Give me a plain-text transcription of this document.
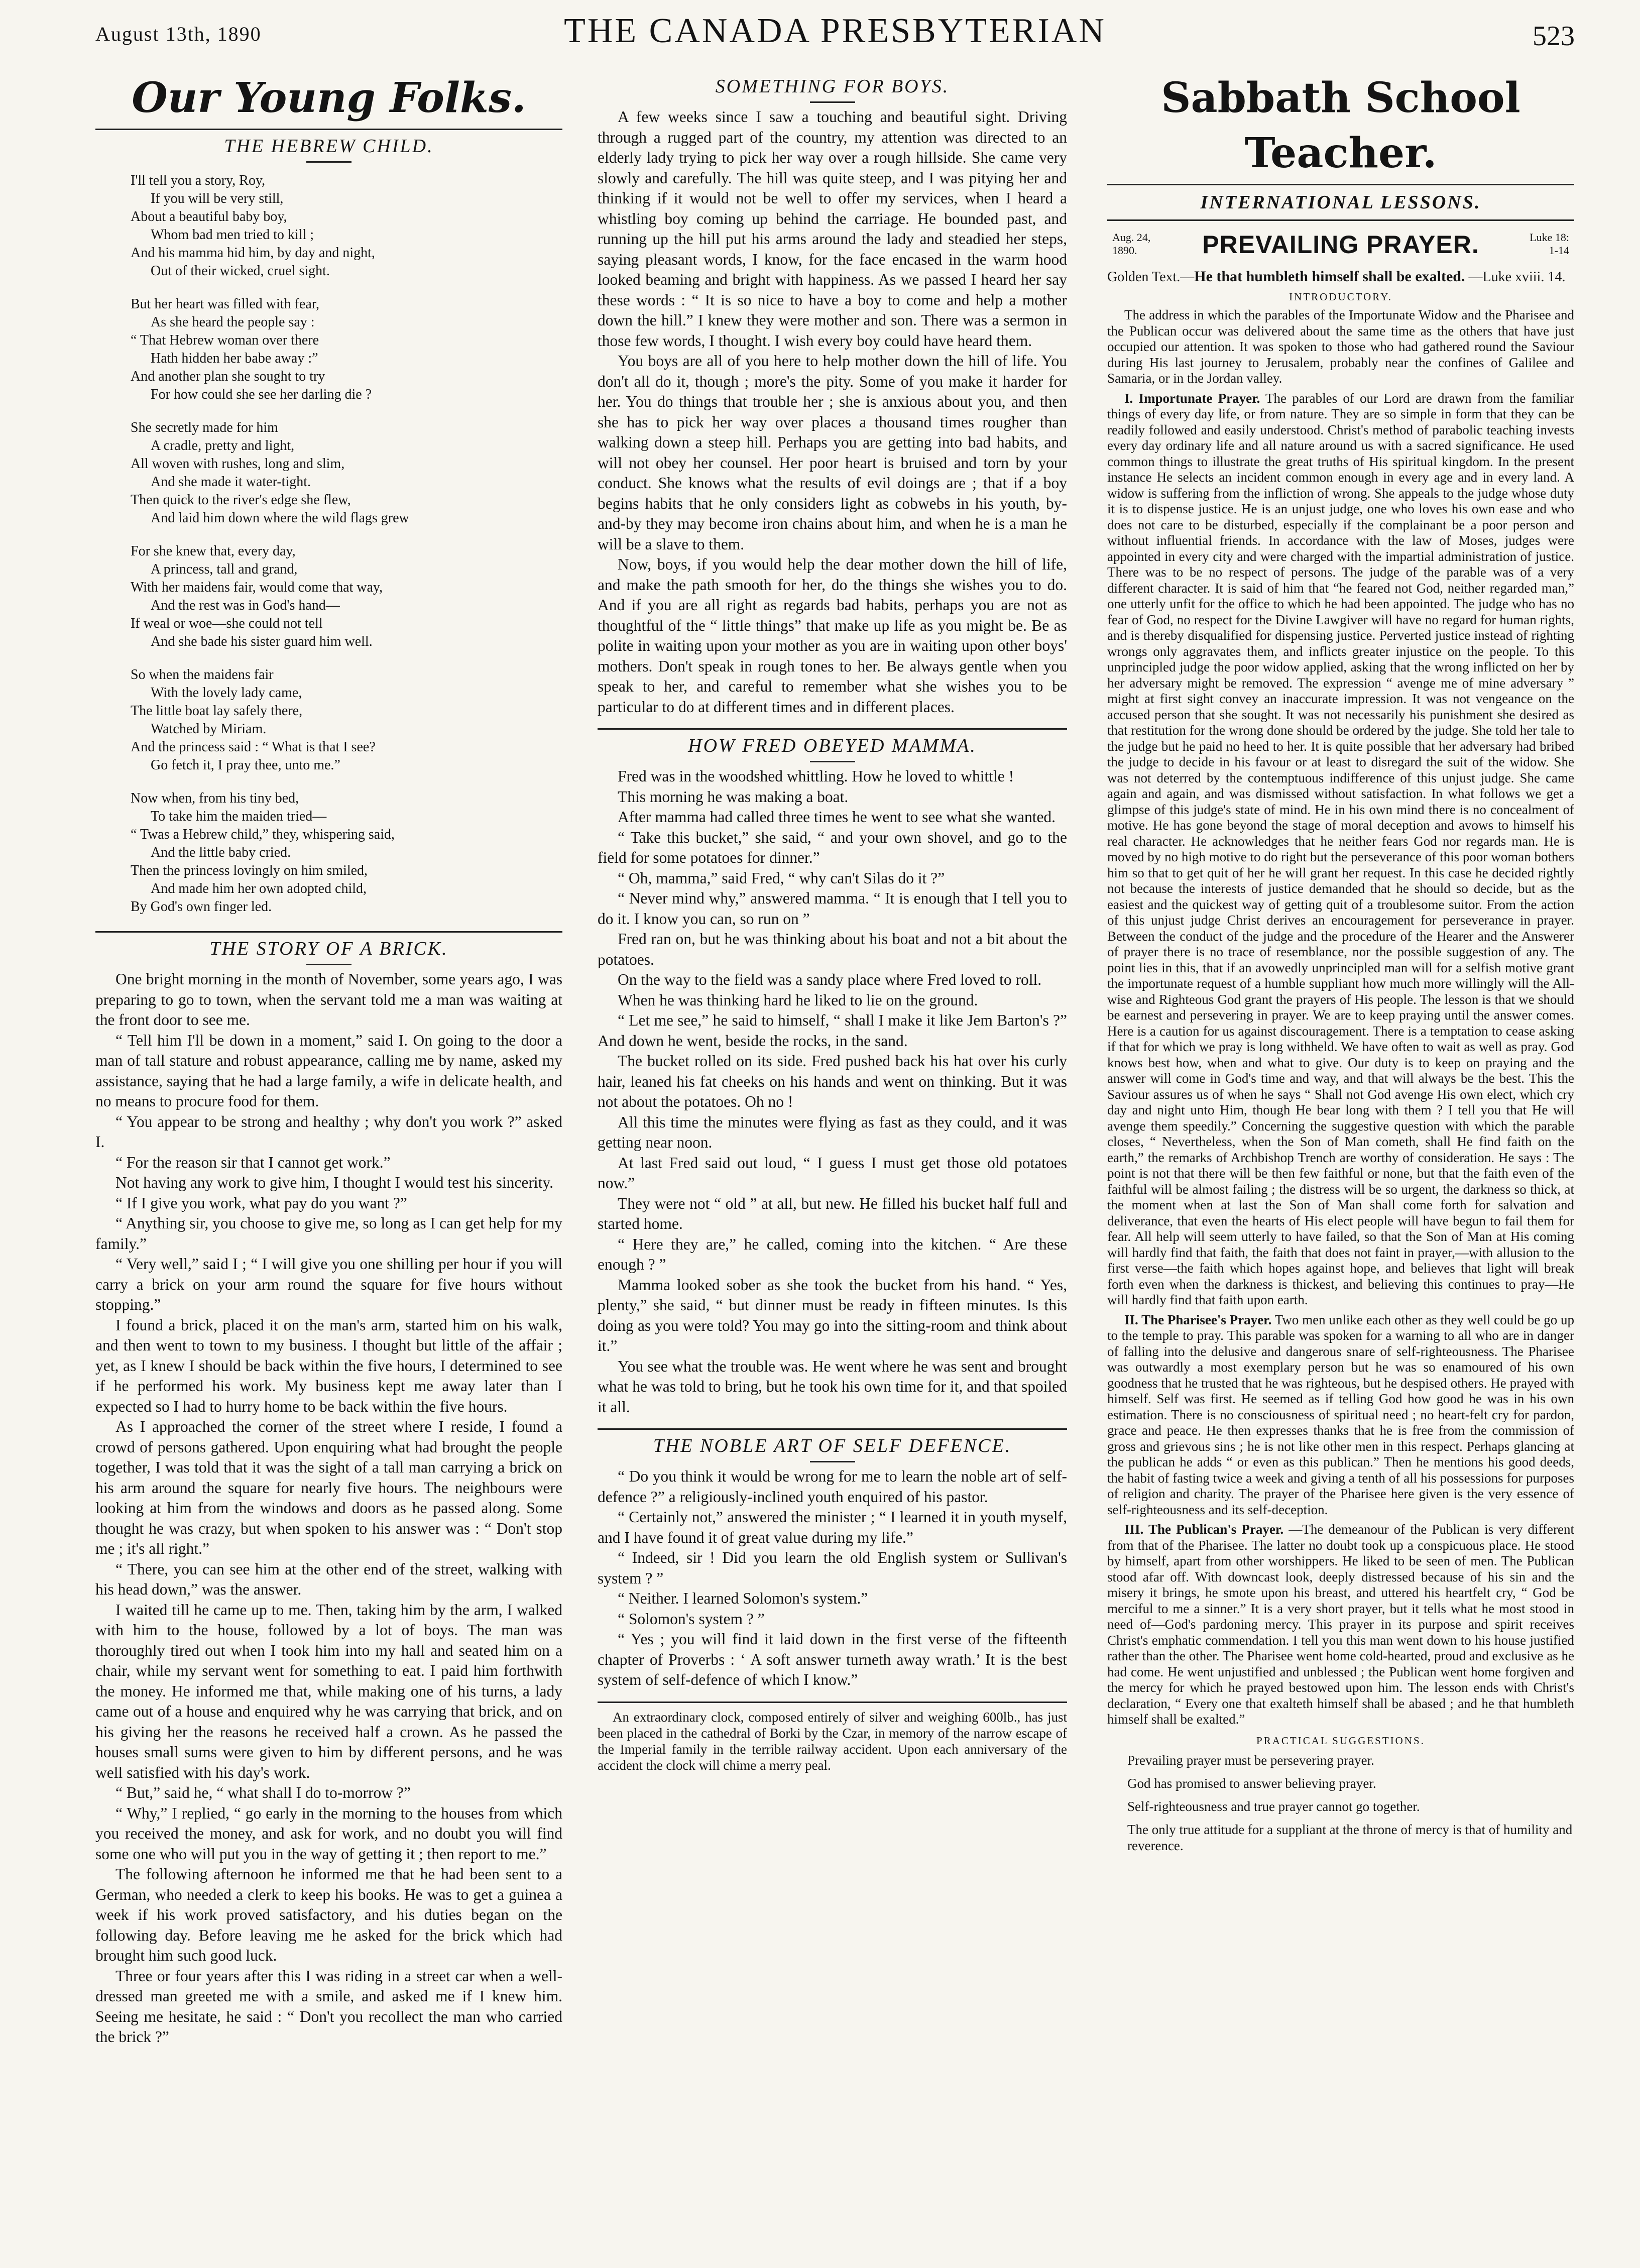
August 13th, 1890	THE CANADA PRESBYTERIAN	523
Our Young Folks.
THE HEBREW CHILD.
I'll tell you a story, Roy,
If you will be very still,
About a beautiful baby boy,
Whom bad men tried to kill ;
And his mamma hid him, by day and night,
Out of their wicked, cruel sight.
But her heart was filled with fear,
As she heard the people say :
“ That Hebrew woman over there
Hath hidden her babe away :”
And another plan she sought to try
For how could she see her darling die ?
She secretly made for him
A cradle, pretty and light,
All woven with rushes, long and slim,
And she made it water-tight.
Then quick to the river's edge she flew,
And laid him down where the wild flags grew
For she knew that, every day,
A princess, tall and grand,
With her maidens fair, would come that way,
And the rest was in God's hand—
If weal or woe—she could not tell
And she bade his sister guard him well.
So when the maidens fair
With the lovely lady came,
The little boat lay safely there,
Watched by Miriam.
And the princess said : “ What is that I see?
Go fetch it, I pray thee, unto me.”
Now when, from his tiny bed,
To take him the maiden tried—
“ Twas a Hebrew child,” they, whispering said,
And the little baby cried.
Then the princess lovingly on him smiled,
And made him her own adopted child,
By God's own finger led.
THE STORY OF A BRICK.

One bright morning in the month of November, some years ago, I was preparing to go to town, when the servant told me a man was waiting at the front door to see me.

“ Tell him I'll be down in a moment,” said I. On going to the door a man of tall stature and robust appearance, calling me by name, asked my assistance, saying that he had a large family, a wife in delicate health, and no means to procure food for them.

“ You appear to be strong and healthy ; why don't you work ?” asked I.

“ For the reason sir that I cannot get work.”

Not having any work to give him, I thought I would test his sincerity.

“ If I give you work, what pay do you want ?”

“ Anything sir, you choose to give me, so long as I can get help for my family.”

“ Very well,” said I ; “ I will give you one shilling per hour if you will carry a brick on your arm round the square for five hours without stopping.”

I found a brick, placed it on the man's arm, started him on his walk, and then went to town to my business. I thought but little of the affair ; yet, as I knew I should be back within the five hours, I determined to see if he performed his work. My business kept me away later than I expected so I had to hurry home to be back within the five hours.

As I approached the corner of the street where I reside, I found a crowd of persons gathered. Upon enquiring what had brought the people together, I was told that it was the sight of a tall man carrying a brick on his arm around the square for nearly five hours. The neighbours were looking at him from the windows and doors as he passed along. Some thought he was crazy, but when spoken to his answer was : “ Don't stop me ; it's all right.”

“ There, you can see him at the other end of the street, walking with his head down,” was the answer.

I waited till he came up to me. Then, taking him by the arm, I walked with him to the house, followed by a lot of boys. The man was thoroughly tired out when I took him into my hall and seated him on a chair, while my servant went for something to eat. I paid him forthwith the money. He informed me that, while making one of his turns, a lady came out of a house and enquired why he was carrying that brick, and on his giving her the reasons he received half a crown. As he passed the houses small sums were given to him by different persons, and he was well satisfied with his day's work.

“ But,” said he, “ what shall I do to-morrow ?”

“ Why,” I replied, “ go early in the morning to the houses from which you received the money, and ask for work, and no doubt you will find some one who will put you in the way of getting it ; then report to me.”

The following afternoon he informed me that he had been sent to a German, who needed a clerk to keep his books. He was to get a guinea a week if his work proved satisfactory, and his duties began on the following day. Before leaving me he asked for the brick which had brought him such good luck.

Three or four years after this I was riding in a street car when a well-dressed man greeted me with a smile, and asked me if I knew him. Seeing me hesitate, he said : “ Don't you recollect the man who carried the brick ?”

SOMETHING FOR BOYS.

A few weeks since I saw a touching and beautiful sight. Driving through a rugged part of the country, my attention was directed to an elderly lady trying to pick her way over a rough hillside. She came very slowly and carefully. The hill was quite steep, and I was pitying her and thinking if it would not be well to offer my services, when I heard a whistling boy coming up behind the carriage. He bounded past, and running up the hill put his arms around the lady and steadied her steps, saying pleasant words, I know, for the face encased in the warm hood looked beaming and bright with happiness. As we passed I heard her say these words : “ It is so nice to have a boy to come and help a mother down the hill.” I knew they were mother and son. There was a sermon in those few words, I thought. I wish every boy could have heard them.

You boys are all of you here to help mother down the hill of life. You don't all do it, though ; more's the pity. Some of you make it harder for her. You do things that trouble her ; she is anxious about you, and then she has to pick her way over places a thousand times rougher than walking down a steep hill. Perhaps you are getting into bad habits, and will not obey her counsel. Her poor heart is bruised and torn by your conduct. She knows what the results of evil doings are ; that if a boy begins habits that he only considers light as cobwebs in his youth, by-and-by they may become iron chains about him, and when he is a man he will be a slave to them.

Now, boys, if you would help the dear mother down the hill of life, and make the path smooth for her, do the things she wishes you to do. And if you are all right as regards bad habits, perhaps you are not as thoughtful of the “ little things” that make up life as you might be. Be as polite in waiting upon your mother as you are in waiting upon other boys' mothers. Don't speak in rough tones to her. Be always gentle when you speak to her, and careful to remember what she wishes you to be particular to do at different times and in different places.

HOW FRED OBEYED MAMMA.

Fred was in the woodshed whittling. How he loved to whittle !

This morning he was making a boat.

After mamma had called three times he went to see what she wanted.

“ Take this bucket,” she said, “ and your own shovel, and go to the field for some potatoes for dinner.”

“ Oh, mamma,” said Fred, “ why can't Silas do it ?”

“ Never mind why,” answered mamma. “ It is enough that I tell you to do it. I know you can, so run on ”

Fred ran on, but he was thinking about his boat and not a bit about the potatoes.

On the way to the field was a sandy place where Fred loved to roll.

When he was thinking hard he liked to lie on the ground.

“ Let me see,” he said to himself, “ shall I make it like Jem Barton's ?” And down he went, beside the rocks, in the sand.

The bucket rolled on its side. Fred pushed back his hat over his curly hair, leaned his fat cheeks on his hands and went on thinking. But it was not about the potatoes. Oh no !

All this time the minutes were flying as fast as they could, and it was getting near noon.

At last Fred said out loud, “ I guess I must get those old potatoes now.”

They were not “ old ” at all, but new. He filled his bucket half full and started home.

“ Here they are,” he called, coming into the kitchen. “ Are these enough ? ”

Mamma looked sober as she took the bucket from his hand. “ Yes, plenty,” she said, “ but dinner must be ready in fifteen minutes. Is this doing as you were told? You may go into the sitting-room and think about it.”

You see what the trouble was. He went where he was sent and brought what he was told to bring, but he took his own time for it, and that spoiled it all.

THE NOBLE ART OF SELF DEFENCE.

“ Do you think it would be wrong for me to learn the noble art of self-defence ?” a religiously-inclined youth enquired of his pastor.

“ Certainly not,” answered the minister ; “ I learned it in youth myself, and I have found it of great value during my life.”

“ Indeed, sir ! Did you learn the old English system or Sullivan's system ? ”

“ Neither. I learned Solomon's system.”

“ Solomon's system ? ”

“ Yes ; you will find it laid down in the first verse of the fifteenth chapter of Proverbs : ‘ A soft answer turneth away wrath.’ It is the best system of self-defence of which I know.”

An extraordinary clock, composed entirely of silver and weighing 600lb., has just been placed in the cathedral of Borki by the Czar, in memory of the narrow escape of the Imperial family in the terrible railway accident. Upon each anniversary of the accident the clock will chime a merry peal.

Sabbath School Teacher.
INTERNATIONAL LESSONS.
Aug. 24,
1890.	PREVAILING PRAYER.	Luke 18:
1-14
Golden Text.—He that humbleth himself shall be exalted. —Luke xviii. 14.
INTRODUCTORY.

The address in which the parables of the Importunate Widow and the Pharisee and the Publican occur was delivered about the same time as the others that have just occupied our attention. It was spoken to those who had gathered round the Saviour during His last journey to Jerusalem, probably near the confines of Galilee and Samaria, or in the Jordan valley.

I. Importunate Prayer. The parables of our Lord are drawn from the familiar things of every day life, or from nature. They are so simple in form that they can be readily followed and easily understood. Christ's method of parabolic teaching invests every day ordinary life and all nature around us with a sacred significance. He used common things to illustrate the great truths of His spiritual kingdom. In the present instance He selects an incident common enough in every age and in every land. A widow is suffering from the infliction of wrong. She appeals to the judge whose duty it is to dispense justice. He is an unjust judge, one who loves his own ease and who does not care to be disturbed, especially if the complainant be a poor person and without influential friends. In accordance with the law of Moses, judges were appointed in every city and were charged with the impartial administration of justice. There was to be no respect of persons. The judge of the parable was of a very different character. It is said of him that “he feared not God, neither regarded man,” one utterly unfit for the office to which he had been appointed. The judge who has no fear of God, no respect for the Divine Lawgiver will have no regard for human rights, and is thereby disqualified for dispensing justice. Perverted justice instead of righting wrongs only aggravates them, and inflicts greater injustice on the people. To this unprincipled judge the poor widow applied, asking that the wrong inflicted on her by her adversary might be removed. The expression “ avenge me of mine adversary ” might at first sight convey an inaccurate impression. It was not vengeance on the accused person that she sought. It was not necessarily his punishment she desired as that restitution for the wrong done should be ordered by the judge. She told her tale to the judge but he paid no heed to her. It is quite possible that her adversary had bribed the judge to decide in his favour or at least to disregard the suit of the widow. She was not deterred by the contemptuous indifference of this unjust judge. She came again and again, and was dismissed without satisfaction. In what follows we get a glimpse of this judge's state of mind. He in his own mind there is no concealment of motive. He has gone beyond the stage of moral deception and avows to himself his real character. He acknowledges that he neither fears God nor regards man. He is moved by no high motive to do right but the perseverance of this poor woman bothers him so that to get quit of her he will grant her request. In this case he decided rightly not because the interests of justice demanded that he should so decide, but as the easiest and the quickest way of getting quit of a troublesome suitor. From the action of this unjust judge Christ derives an encouragement for perseverance in prayer. Between the conduct of the judge and the procedure of the Hearer and the Answerer of prayer there is no trace of resemblance, nor the possible suggestion of any. The point lies in this, that if an avowedly unprincipled man will for a selfish motive grant the importunate request of a humble suppliant how much more willingly will the All-wise and Righteous God grant the prayers of His people. The lesson is that we should be earnest and persevering in prayer. We are to keep praying until the answer comes. Here is a caution for us against discouragement. There is a temptation to cease asking if that for which we pray is long withheld. We have often to wait as well as pray. God knows best how, when and what to give. Our duty is to keep on praying and the answer will come in God's time and way, and that will always be the best. This the Saviour assures us of when he says “ Shall not God avenge His own elect, which cry day and night unto Him, though He bear long with them ? I tell you that He will avenge them speedily.” Concerning the suggestive question with which the parable closes, “ Nevertheless, when the Son of Man cometh, shall He find faith on the earth,” the remarks of Archbishop Trench are worthy of consideration. He says : The point is not that there will be then few faithful or none, but that the faith even of the faithful will be almost failing ; the distress will be so urgent, the darkness so thick, at the moment when at last the Son of Man shall come forth for salvation and deliverance, that even the hearts of His elect people will have begun to fail them for fear. All help will seem utterly to have failed, so that the Son of Man at His coming will hardly find that faith, the faith that does not faint in prayer,—with allusion to the first verse—the faith which hopes against hope, and believes that light will break forth even when the darkness is thickest, and believing this continues to pray—He will hardly find that faith upon earth.

II. The Pharisee's Prayer. Two men unlike each other as they well could be go up to the temple to pray. This parable was spoken for a warning to all who are in danger of falling into the delusive and dangerous snare of self-righteousness. The Pharisee was outwardly a most exemplary person but he was so enamoured of his own goodness that he trusted that he was righteous, but he despised others. He prayed with himself. Self was first. He seemed as if telling God how good he was in his own estimation. There is no consciousness of spiritual need ; no heart-felt cry for pardon, grace and peace. He then expresses thanks that he is free from the commission of gross and grievous sins ; he is not like other men in this respect. Perhaps glancing at the publican he adds “ or even as this publican.” Then he mentions his good deeds, the habit of fasting twice a week and giving a tenth of all his possessions for purposes of religion and charity. The prayer of the Pharisee here given is the very essence of self-righteousness and its self-deception.

III. The Publican's Prayer. —The demeanour of the Publican is very different from that of the Pharisee. The latter no doubt took up a conspicuous place. He stood by himself, apart from other worshippers. He liked to be seen of men. The Publican stood afar off. With downcast look, deeply distressed because of his sin and the misery it brings, he smote upon his breast, and uttered his heartfelt cry, “ God be merciful to me a sinner.” It is a very short prayer, but it tells what he most stood in need of—God's pardoning mercy. This prayer in its purpose and spirit receives Christ's emphatic commendation. I tell you this man went down to his house justified rather than the other. The Pharisee went home cold-hearted, proud and exclusive as he had come. He went unjustified and unblessed ; the Publican went home forgiven and the mercy for which he prayed bestowed upon him. The lesson ends with Christ's declaration, “ Every one that exalteth himself shall be abased ; and he that humbleth himself shall be exalted.”

PRACTICAL SUGGESTIONS.
Prevailing prayer must be persevering prayer.
God has promised to answer believing prayer.
Self-righteousness and true prayer cannot go together.
The only true attitude for a suppliant at the throne of mercy is that of humility and reverence.
